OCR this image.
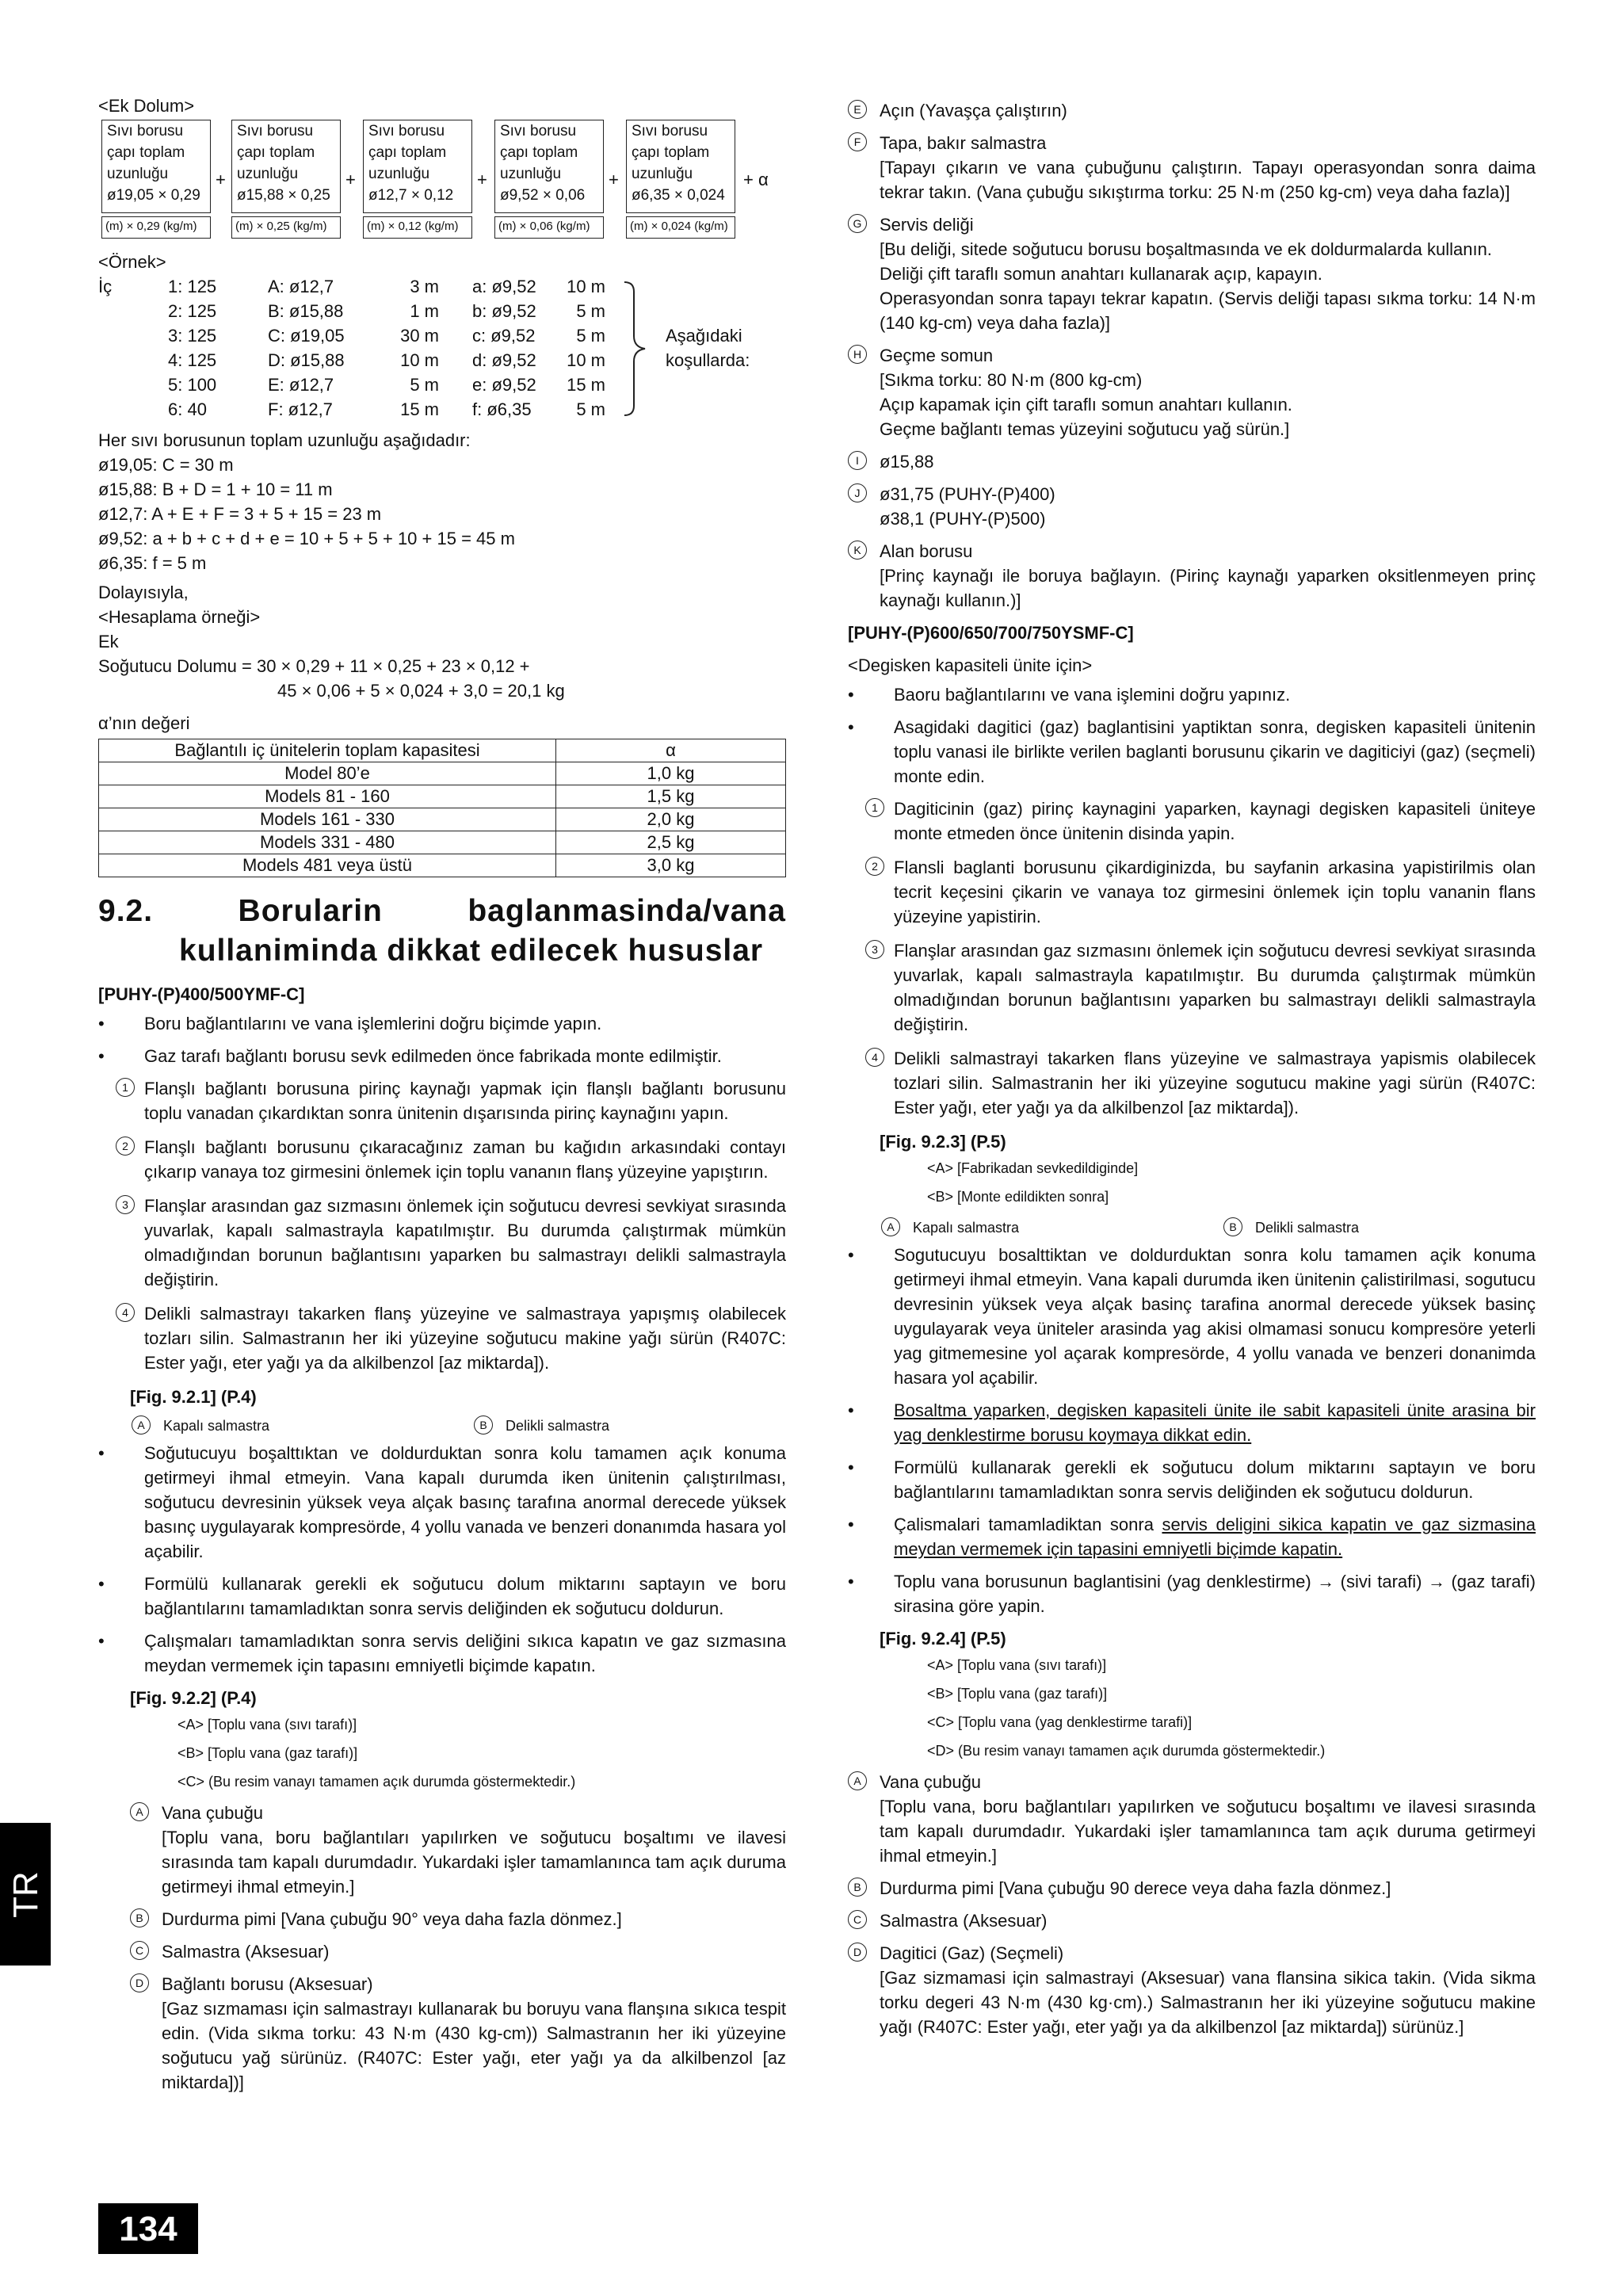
<Ek Dolum>
Sıvı borusu
çapı toplam
uzunluğu
ø19,05 × 0,29
(m) × 0,29 (kg/m)
+
Sıvı borusu
çapı toplam
uzunluğu
ø15,88 × 0,25
(m) × 0,25 (kg/m)
+
Sıvı borusu
çapı toplam
uzunluğu
ø12,7 × 0,12
(m) × 0,12 (kg/m)
+
Sıvı borusu
çapı toplam
uzunluğu
ø9,52 × 0,06
(m) × 0,06 (kg/m)
+
Sıvı borusu
çapı toplam
uzunluğu
ø6,35 × 0,024
(m) × 0,024 (kg/m)
+ α
<Örnek>
İç	1: 125	A: ø12,7	3 m a: ø9,52	10 m
2: 125	B: ø15,88	1 m b: ø9,52	5 m
3: 125	C: ø19,05	30 m c: ø9,52	5 m
4: 125	D: ø15,88	10 m d: ø9,52	10 m
5: 100	E: ø12,7	5 m e: ø9,52	15 m
6: 40	F: ø12,7	15 m f: ø6,35	5 m
Aşağıdaki
koşullarda:
Her sıvı borusunun toplam uzunluğu aşağıdadır:
ø19,05: C = 30 m
ø15,88: B + D = 1 + 10 = 11 m
ø12,7: A + E + F = 3 + 5 + 15 = 23 m
ø9,52: a + b + c + d + e = 10 + 5 + 5 + 10 + 15 = 45 m
ø6,35: f = 5 m
Dolayısıyla,
<Hesaplama örneği>
Ek
Soğutucu Dolumu = 30 × 0,29 + 11 × 0,25 + 23 × 0,12 +
45 × 0,06 + 5 × 0,024 + 3,0 = 20,1 kg
α’nın değeri
Bağlantılı iç ünitelerin toplam kapasitesi	α
Model 80’e	1,0 kg
Models 81 - 160	1,5 kg
Models 161 - 330	2,0 kg
Models 331 - 480	2,5 kg
Models 481 veya üstü	3,0 kg
9.2.	Borularin	baglanmasinda/vana
kullaniminda dikkat edilecek hususlar
[PUHY-(P)400/500YMF-C]
• Boru bağlantılarını ve vana işlemlerini doğru biçimde yapın.
• Gaz tarafı bağlantı borusu sevk edilmeden önce fabrikada monte edilmiştir.
1 Flanşlı bağlantı borusuna pirinç kaynağı yapmak için flanşlı bağlantı borusunu toplu vanadan çıkardıktan sonra ünitenin dışarısında pirinç kaynağını yapın.
2 Flanşlı bağlantı borusunu çıkaracağınız zaman bu kağıdın arkasındaki contayı çıkarıp vanaya toz girmesini önlemek için toplu vananın flanş yüzeyine yapıştırın.
3 Flanşlar arasından gaz sızmasını önlemek için soğutucu devresi sevkiyat sırasında yuvarlak, kapalı salmastrayla kapatılmıştır. Bu durumda çalıştırmak mümkün olmadığından borunun bağlantısını yaparken bu salmastrayı delikli salmastrayla değiştirin.
4 Delikli salmastrayı takarken flanş yüzeyine ve salmastraya yapışmış olabilecek tozları silin. Salmastranın her iki yüzeyine soğutucu makine yağı sürün (R407C: Ester yağı, eter yağı ya da alkilbenzol [az miktarda]).
[Fig. 9.2.1] (P.4)
A	Kapalı salmastra	B	Delikli salmastra
• Soğutucuyu boşalttıktan ve doldurduktan sonra kolu tamamen açık konuma getirmeyi ihmal etmeyin. Vana kapalı durumda iken ünitenin çalıştırılması, soğutucu devresinin yüksek veya alçak basınç tarafına anormal derecede yüksek basınç uygulayarak kompresörde, 4 yollu vanada ve benzeri donanımda hasara yol açabilir.
• Formülü kullanarak gerekli ek soğutucu dolum miktarını saptayın ve boru bağlantılarını tamamladıktan sonra servis deliğinden ek soğutucu doldurun.
• Çalışmaları tamamladıktan sonra servis deliğini sıkıca kapatın ve gaz sızmasına meydan vermemek için tapasını emniyetli biçimde kapatın.
[Fig. 9.2.2] (P.4)
<A> [Toplu vana (sıvı tarafı)]
<B> [Toplu vana (gaz tarafı)]
<C> (Bu resim vanayı tamamen açık durumda göstermektedir.)
A	Vana çubuğu
[Toplu vana, boru bağlantıları yapılırken ve soğutucu boşaltımı ve ilavesi sırasında tam kapalı durumdadır. Yukardaki işler tamamlanınca tam açık duruma getirmeyi ihmal etmeyin.]
B	Durdurma pimi [Vana çubuğu 90° veya daha fazla dönmez.]
C	Salmastra (Aksesuar)
D	Bağlantı borusu (Aksesuar)
[Gaz sızmaması için salmastrayı kullanarak bu boruyu vana flanşına sıkıca tespit edin. (Vida sıkma torku: 43 N·m (430 kg-cm)) Salmastranın her iki yüzeyine soğutucu yağ sürünüz. (R407C: Ester yağı, eter yağı ya da alkilbenzol [az miktarda])]
E	Açın (Yavaşça çalıştırın)
F	Tapa, bakır salmastra
[Tapayı çıkarın ve vana çubuğunu çalıştırın. Tapayı operasyondan sonra daima tekrar takın. (Vana çubuğu sıkıştırma torku: 25 N·m (250 kg-cm) veya daha fazla)]
G Servis deliği
[Bu deliği, sitede soğutucu borusu boşaltmasında ve ek doldurmalarda kullanın.
Deliği çift taraflı somun anahtarı kullanarak açıp, kapayın.
Operasyondan sonra tapayı tekrar kapatın. (Servis deliği tapası sıkma torku: 14 N·m (140 kg-cm) veya daha fazla)]
H	Geçme somun
[Sıkma torku: 80 N·m (800 kg-cm)
Açıp kapamak için çift taraflı somun anahtarı kullanın.
Geçme bağlantı temas yüzeyini soğutucu yağ sürün.]
I	ø15,88
J	ø31,75 (PUHY-(P)400)
ø38,1 (PUHY-(P)500)
K	Alan borusu
[Prinç kaynağı ile boruya bağlayın. (Pirinç kaynağı yaparken oksitlenmeyen prinç kaynağı kullanın.)]
[PUHY-(P)600/650/700/750YSMF-C]
<Degisken kapasiteli ünite için>
• Baoru bağlantılarını ve vana işlemini doğru yapınız.
• Asagidaki dagitici (gaz) baglantisini yaptiktan sonra, degisken kapasiteli ünitenin toplu vanasi ile birlikte verilen baglanti borusunu çikarin ve dagiticiyi (gaz) (seçmeli) monte edin.
1 Dagiticinin (gaz) pirinç kaynagini yaparken, kaynagi degisken kapasiteli üniteye monte etmeden önce ünitenin disinda yapin.
2 Flansli baglanti borusunu çikardiginizda, bu sayfanin arkasina yapistirilmis olan tecrit keçesini çikarin ve vanaya toz girmesini önlemek için toplu vananin flans yüzeyine yapistirin.
3 Flanşlar arasından gaz sızmasını önlemek için soğutucu devresi sevkiyat sırasında yuvarlak, kapalı salmastrayla kapatılmıştır. Bu durumda çalıştırmak mümkün olmadığından borunun bağlantısını yaparken bu salmastrayı delikli salmastrayla değiştirin.
4 Delikli salmastrayi takarken flans yüzeyine ve salmastraya yapismis olabilecek tozlari silin. Salmastranin her iki yüzeyine sogutucu makine yagi sürün (R407C: Ester yağı, eter yağı ya da alkilbenzol [az miktarda]).
[Fig. 9.2.3] (P.5)
<A> [Fabrikadan sevkedildiginde]
<B> [Monte edildikten sonra]
A	Kapalı salmastra	B	Delikli salmastra
• Sogutucuyu bosalttiktan ve doldurduktan sonra kolu tamamen açik konuma getirmeyi ihmal etmeyin. Vana kapali durumda iken ünitenin çalistirilmasi, sogutucu devresinin yüksek veya alçak basinç tarafina anormal derecede yüksek basinç uygulayarak veya üniteler arasinda yag akisi olmamasi sonucu kompresöre yeterli yag gitmemesine yol açarak kompresörde, 4 yollu vanada ve benzeri donanimda hasara yol açabilir.
• Bosaltma yaparken, degisken kapasiteli ünite ile sabit kapasiteli ünite arasina bir yag denklestirme borusu koymaya dikkat edin.
• Formülü kullanarak gerekli ek soğutucu dolum miktarını saptayın ve boru bağlantılarını tamamladıktan sonra servis deliğinden ek soğutucu doldurun.
• Çalismalari tamamladiktan sonra servis deligini sikica kapatin ve gaz sizmasina meydan vermemek için tapasini emniyetli biçimde kapatin.
• Toplu vana borusunun baglantisini (yag denklestirme) → (sivi tarafi) → (gaz tarafi) sirasina göre yapin.
[Fig. 9.2.4] (P.5)
<A> [Toplu vana (sıvı tarafı)]
<B> [Toplu vana (gaz tarafı)]
<C> [Toplu vana (yag denklestirme tarafi)]
<D> (Bu resim vanayı tamamen açık durumda göstermektedir.)
A	Vana çubuğu
[Toplu vana, boru bağlantıları yapılırken ve soğutucu boşaltımı ve ilavesi sırasında tam kapalı durumdadır. Yukardaki işler tamamlanınca tam açık duruma getirmeyi ihmal etmeyin.]
B	Durdurma pimi [Vana çubuğu 90 derece veya daha fazla dönmez.]
C	Salmastra (Aksesuar)
D	Dagitici (Gaz) (Seçmeli)
[Gaz sizmamasi için salmastrayi (Aksesuar) vana flansina sikica takin. (Vida sikma torku degeri 43 N·m (430 kg·cm).) Salmastranın her iki yüzeyine soğutucu makine yağı (R407C: Ester yağı, eter yağı ya da alkilbenzol [az miktarda]) sürünüz.]
TR
134
